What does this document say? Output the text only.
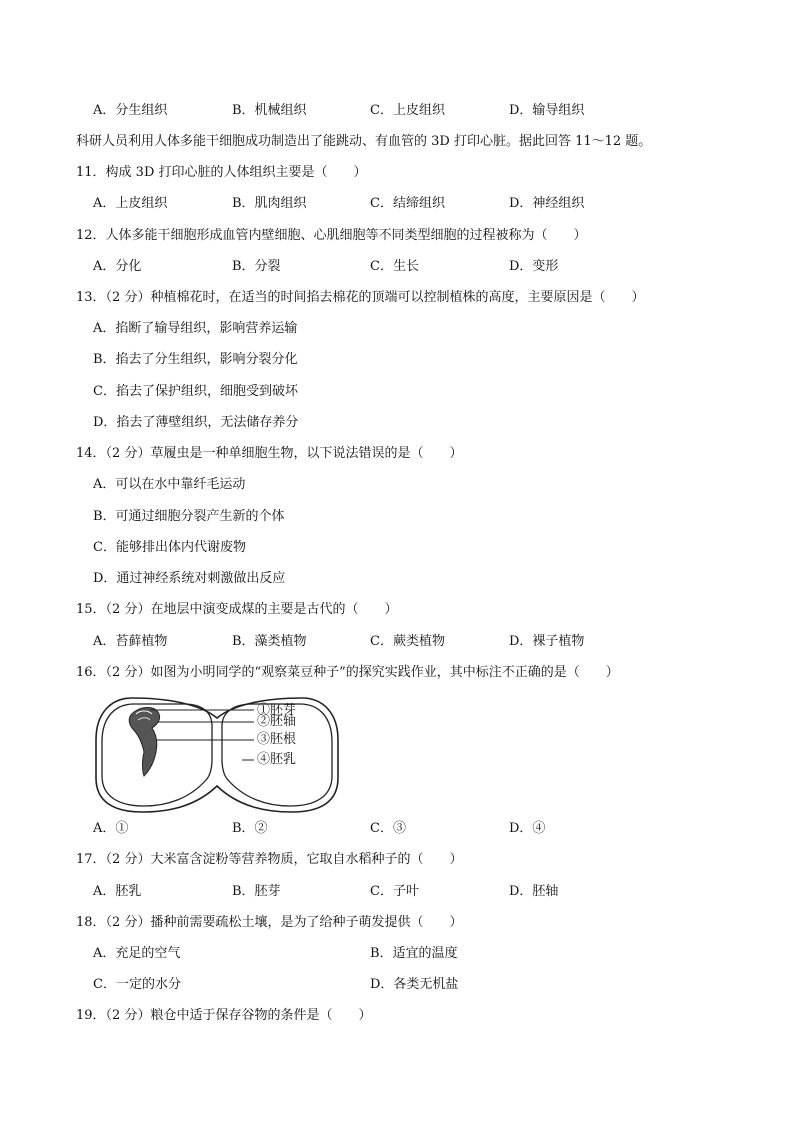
A．分生组织	B．机械组织	C．上皮组织	D．输导组织
科研人员利用人体多能干细胞成功制造出了能跳动、有血管的 3D 打印心脏。据此回答 11～12 题。
11．构成 3D 打印心脏的人体组织主要是（　　）
A．上皮组织	B．肌肉组织	C．结缔组织	D．神经组织
12．人体多能干细胞形成血管内壁细胞、心肌细胞等不同类型细胞的过程被称为（　　）
A．分化	B．分裂	C．生长	D．变形
13．（2 分）种植棉花时，在适当的时间掐去棉花的顶端可以控制植株的高度，主要原因是（　　）
A．掐断了输导组织，影响营养运输
B．掐去了分生组织，影响分裂分化
C．掐去了保护组织，细胞受到破坏
D．掐去了薄壁组织，无法储存养分
14．（2 分）草履虫是一种单细胞生物，以下说法错误的是（　　）
A．可以在水中靠纤毛运动
B．可通过细胞分裂产生新的个体
C．能够排出体内代谢废物
D．通过神经系统对刺激做出反应
15．（2 分）在地层中演变成煤的主要是古代的（　　）
A．苔藓植物	B．藻类植物	C．蕨类植物	D．裸子植物
16．（2 分）如图为小明同学的“观察菜豆种子”的探究实践作业，其中标注不正确的是（　　）
①胚芽
②胚轴
③胚根
④胚乳
A．①	B．②	C．③	D．④
17．（2 分）大米富含淀粉等营养物质，它取自水稻种子的（　　）
A．胚乳	B．胚芽	C．子叶	D．胚轴
18．（2 分）播种前需要疏松土壤，是为了给种子萌发提供（　　）
A．充足的空气	B．适宜的温度
C．一定的水分	D．各类无机盐
19．（2 分）粮仓中适于保存谷物的条件是（　　）
